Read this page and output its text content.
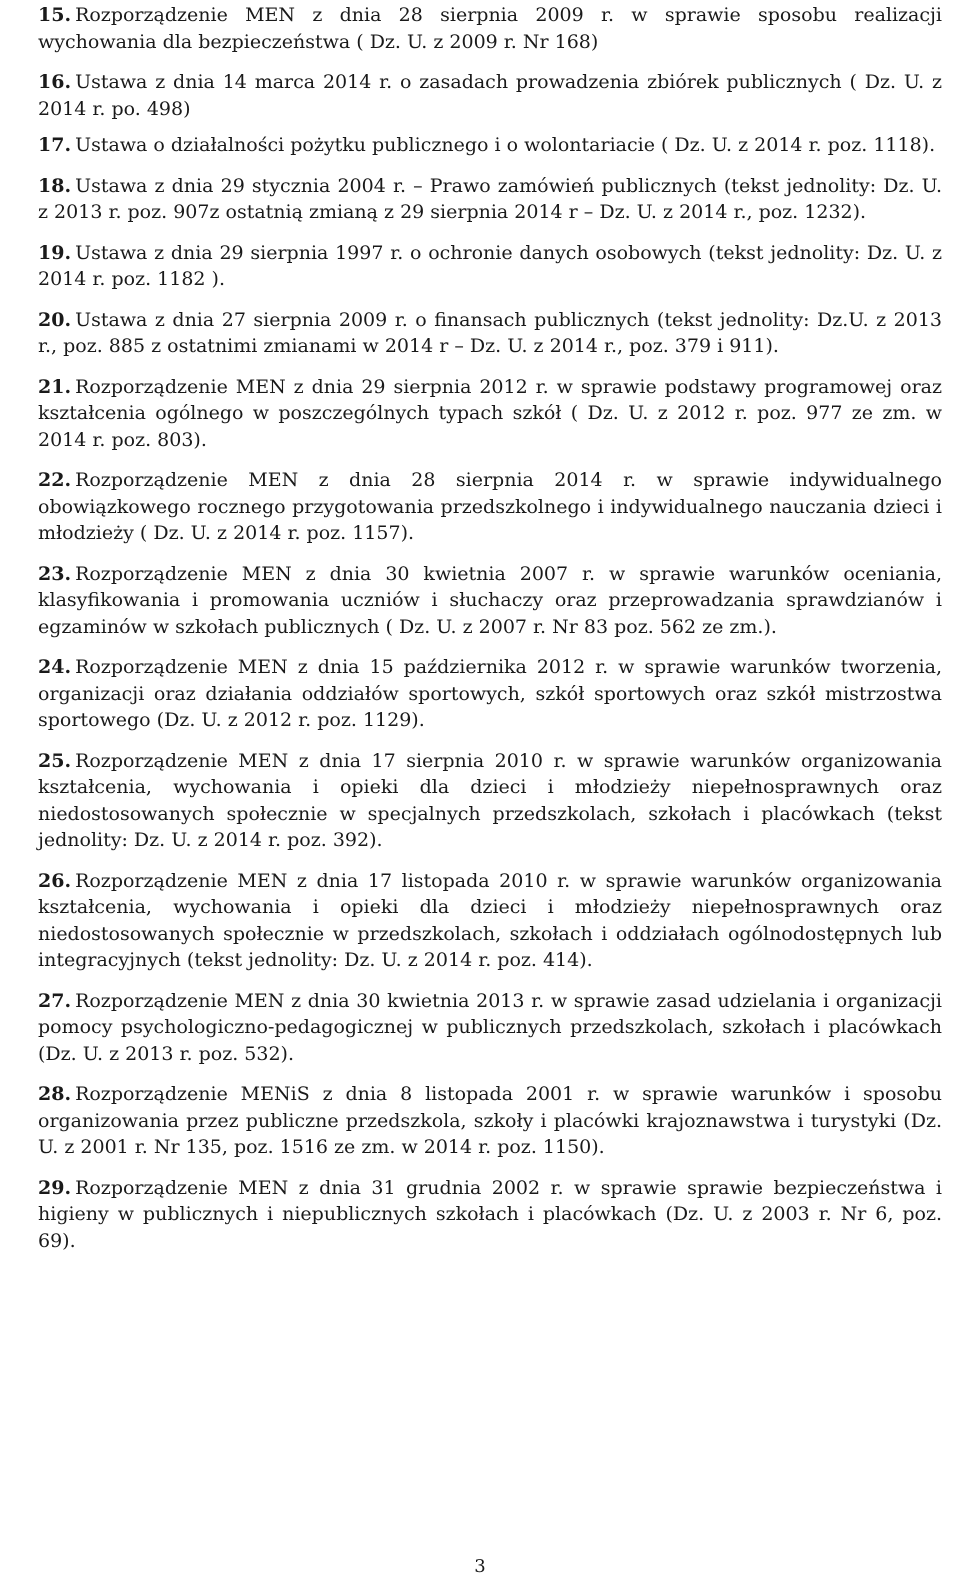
15. Rozporządzenie MEN z dnia 28 sierpnia 2009 r. w sprawie sposobu realizacji wychowania dla bezpieczeństwa ( Dz. U. z 2009 r. Nr 168)

16. Ustawa z dnia 14 marca 2014 r. o zasadach prowadzenia zbiórek publicznych ( Dz. U. z 2014 r. po. 498)

17. Ustawa o działalności pożytku publicznego i o wolontariacie ( Dz. U. z 2014 r. poz. 1118).

18. Ustawa z dnia 29 stycznia 2004 r. – Prawo zamówień publicznych (tekst jednolity: Dz. U. z 2013 r. poz. 907z ostatnią zmianą z 29 sierpnia 2014 r – Dz. U. z 2014 r., poz. 1232).

19. Ustawa z dnia 29 sierpnia 1997 r. o ochronie danych osobowych (tekst jednolity: Dz. U. z 2014 r. poz. 1182 ).

20. Ustawa z dnia 27 sierpnia 2009 r. o finansach publicznych (tekst jednolity: Dz.U. z 2013 r., poz. 885 z ostatnimi zmianami w 2014 r – Dz. U. z 2014 r., poz. 379 i 911).

21. Rozporządzenie MEN z dnia 29 sierpnia 2012 r. w sprawie podstawy programowej oraz kształcenia ogólnego w poszczególnych typach szkół ( Dz. U. z 2012 r. poz. 977 ze zm. w 2014 r. poz. 803).

22. Rozporządzenie MEN z dnia 28 sierpnia 2014 r. w sprawie indywidualnego obowiązkowego rocznego przygotowania przedszkolnego i indywidualnego nauczania dzieci i młodzieży ( Dz. U. z 2014 r. poz. 1157).

23. Rozporządzenie MEN z dnia 30 kwietnia 2007 r. w sprawie warunków oceniania, klasyfikowania i promowania uczniów i słuchaczy oraz przeprowadzania sprawdzianów i egzaminów w szkołach publicznych ( Dz. U. z 2007 r. Nr 83 poz. 562 ze zm.).

24. Rozporządzenie MEN z dnia 15 października 2012 r. w sprawie warunków tworzenia, organizacji oraz działania oddziałów sportowych, szkół sportowych oraz szkół mistrzostwa sportowego (Dz. U. z 2012 r. poz. 1129).

25. Rozporządzenie MEN z dnia 17 sierpnia 2010 r. w sprawie warunków organizowania kształcenia, wychowania i opieki dla dzieci i młodzieży niepełnosprawnych oraz niedostosowanych społecznie w specjalnych przedszkolach, szkołach i placówkach (tekst jednolity: Dz. U. z 2014 r. poz. 392).

26. Rozporządzenie MEN z dnia 17 listopada 2010 r. w sprawie warunków organizowania kształcenia, wychowania i opieki dla dzieci i młodzieży niepełnosprawnych oraz niedostosowanych społecznie w przedszkolach, szkołach i oddziałach ogólnodostępnych lub integracyjnych (tekst jednolity: Dz. U. z 2014 r. poz. 414).

27. Rozporządzenie MEN z dnia 30 kwietnia 2013 r. w sprawie zasad udzielania i organizacji pomocy psychologiczno-pedagogicznej w publicznych przedszkolach, szkołach i placówkach (Dz. U. z 2013 r. poz. 532).

28. Rozporządzenie MENiS z dnia 8 listopada 2001 r. w sprawie warunków i sposobu organizowania przez publiczne przedszkola, szkoły i placówki krajoznawstwa i turystyki (Dz. U. z 2001 r. Nr 135, poz. 1516 ze zm. w 2014 r. poz. 1150).

29. Rozporządzenie MEN z dnia 31 grudnia 2002 r. w sprawie sprawie bezpieczeństwa i higieny w publicznych i niepublicznych szkołach i placówkach (Dz. U. z 2003 r. Nr 6, poz. 69).

3
